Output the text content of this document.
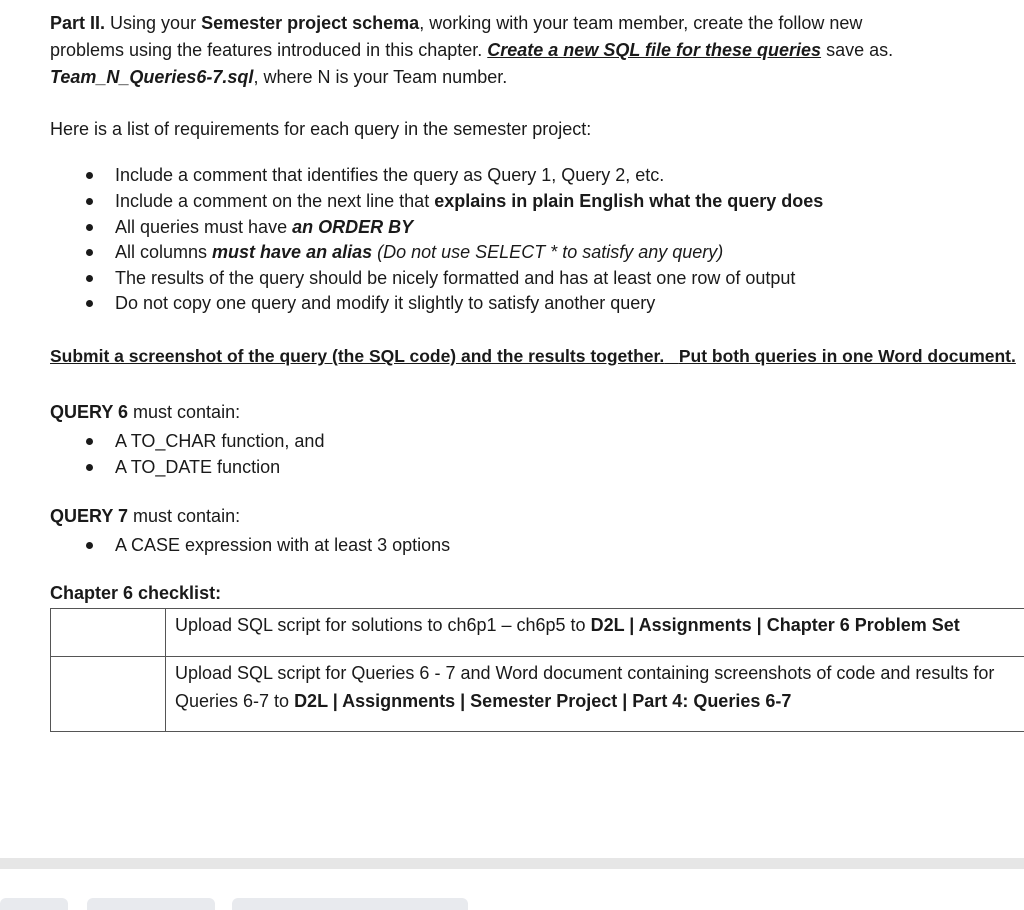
Part II. Using your Semester project schema, working with your team member, create the follow new
problems using the features introduced in this chapter. Create a new SQL file for these queries save as.
Team_N_Queries6-7.sql, where N is your Team number.
Here is a list of requirements for each query in the semester project:
Include a comment that identifies the query as Query 1, Query 2, etc.
Include a comment on the next line that explains in plain English what the query does
All queries must have an ORDER BY
All columns must have an alias (Do not use SELECT * to satisfy any query)
The results of the query should be nicely formatted and has at least one row of output
Do not copy one query and modify it slightly to satisfy another query
Submit a screenshot of the query (the SQL code) and the results together. Put both queries in one Word document.
QUERY 6 must contain:
A TO_CHAR function, and
A TO_DATE function
QUERY 7 must contain:
A CASE expression with at least 3 options
Chapter 6 checklist:
	Upload SQL script for solutions to ch6p1 – ch6p5 to D2L | Assignments | Chapter 6 Problem Set

	Upload SQL script for Queries 6 - 7 and Word document containing screenshots of code and results for
Queries 6-7 to D2L | Assignments | Semester Project | Part 4: Queries 6-7
